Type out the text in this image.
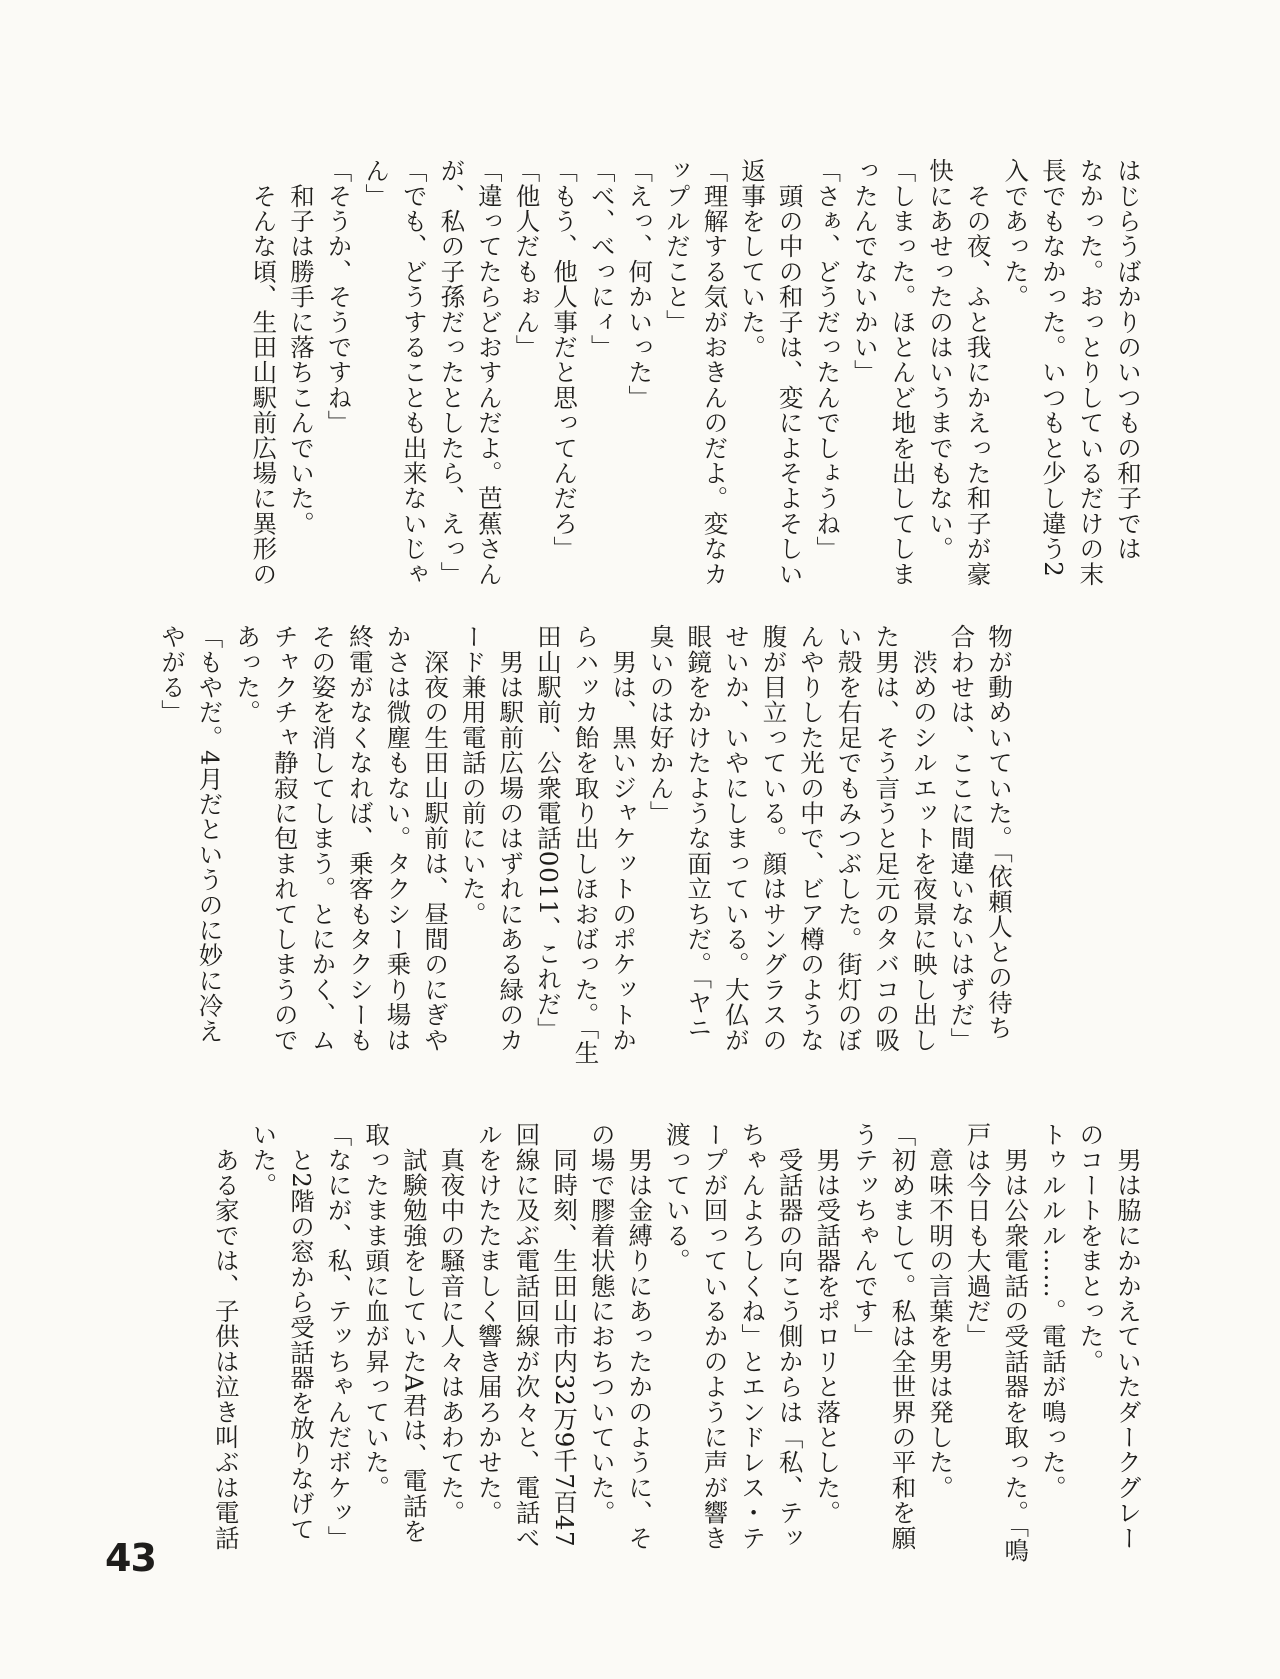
はじらうばかりのいつもの和子では
なかった。おっとりしているだけの末
長でもなかった。いつもと少し違う2
入であった。
　その夜、ふと我にかえった和子が豪
快にあせったのはいうまでもない。
「しまった。ほとんど地を出してしま
ったんでないかい」
「さぁ、どうだったんでしょうね」
　頭の中の和子は、変によそよそしい
返事をしていた。
「理解する気がおきんのだよ。変なカ
ップルだこと」
「えっ、何かいった」
「べ、べっにィ」
「もう、他人事だと思ってんだろ」
「他人だもぉん」
「違ってたらどおすんだよ。芭蕉さん
が、私の子孫だったとしたら、えっ」
「でも、どうすることも出来ないじゃ
ん」
「そうか、そうですね」
　和子は勝手に落ちこんでいた。
　そんな頃、生田山駅前広場に異形の
物が動めいていた。「依頼人との待ち
合わせは、ここに間違いないはずだ」
　渋めのシルエットを夜景に映し出し
た男は、そう言うと足元のタバコの吸
い殻を右足でもみつぶした。街灯のぼ
んやりした光の中で、ビア樽のような
腹が目立っている。顔はサングラスの
せいか、いやにしまっている。大仏が
眼鏡をかけたような面立ちだ。「ヤニ
臭いのは好かん」
　男は、黒いジャケットのポケットか
らハッカ飴を取り出しほおばった。「生
田山駅前、公衆電話0011、これだ」
　男は駅前広場のはずれにある緑のカ
ード兼用電話の前にいた。
　深夜の生田山駅前は、昼間のにぎや
かさは微塵もない。タクシー乗り場は
終電がなくなれば、乗客もタクシーも
その姿を消してしまう。とにかく、ム
チャクチャ静寂に包まれてしまうので
あった。
「もやだ。4月だというのに妙に冷え
やがる」
　男は脇にかかえていたダークグレー
のコートをまとった。
トゥルルル……。電話が鳴った。
　男は公衆電話の受話器を取った。「鳴
戸は今日も大過だ」
　意味不明の言葉を男は発した。
「初めまして。私は全世界の平和を願
うテッちゃんです」
　男は受話器をポロリと落とした。
　受話器の向こう側からは「私、テッ
ちゃんよろしくね」とエンドレス・テ
ープが回っているかのように声が響き
渡っている。
　男は金縛りにあったかのように、そ
の場で膠着状態におちついていた。
　同時刻、生田山市内32万9千7百47
回線に及ぶ電話回線が次々と、電話べ
ルをけたたましく響き届ろかせた。
　真夜中の騒音に人々はあわてた。
　試験勉強をしていたA君は、電話を
取ったまま頭に血が昇っていた。
「なにが、私、テッちゃんだボケッ」
　と2階の窓から受話器を放りなげて
いた。
　ある家では、子供は泣き叫ぶは電話
43
